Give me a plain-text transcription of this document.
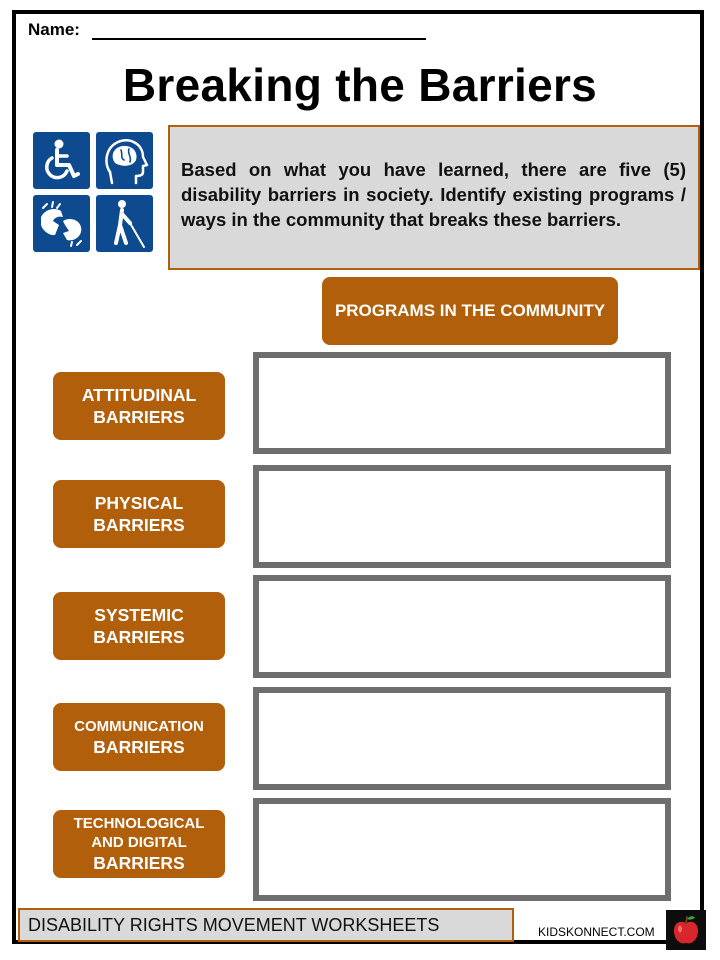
Name:
Breaking the Barriers
Based on what you have learned, there are five (5) disability barriers in society. Identify existing programs / ways in the community that breaks these barriers.
PROGRAMS IN THE COMMUNITY
ATTITUDINAL
BARRIERS
PHYSICAL
BARRIERS
SYSTEMIC
BARRIERS
COMMUNICATION
BARRIERS
TECHNOLOGICAL AND DIGITAL
BARRIERS
DISABILITY RIGHTS MOVEMENT WORKSHEETS	KIDSKONNECT.COM
